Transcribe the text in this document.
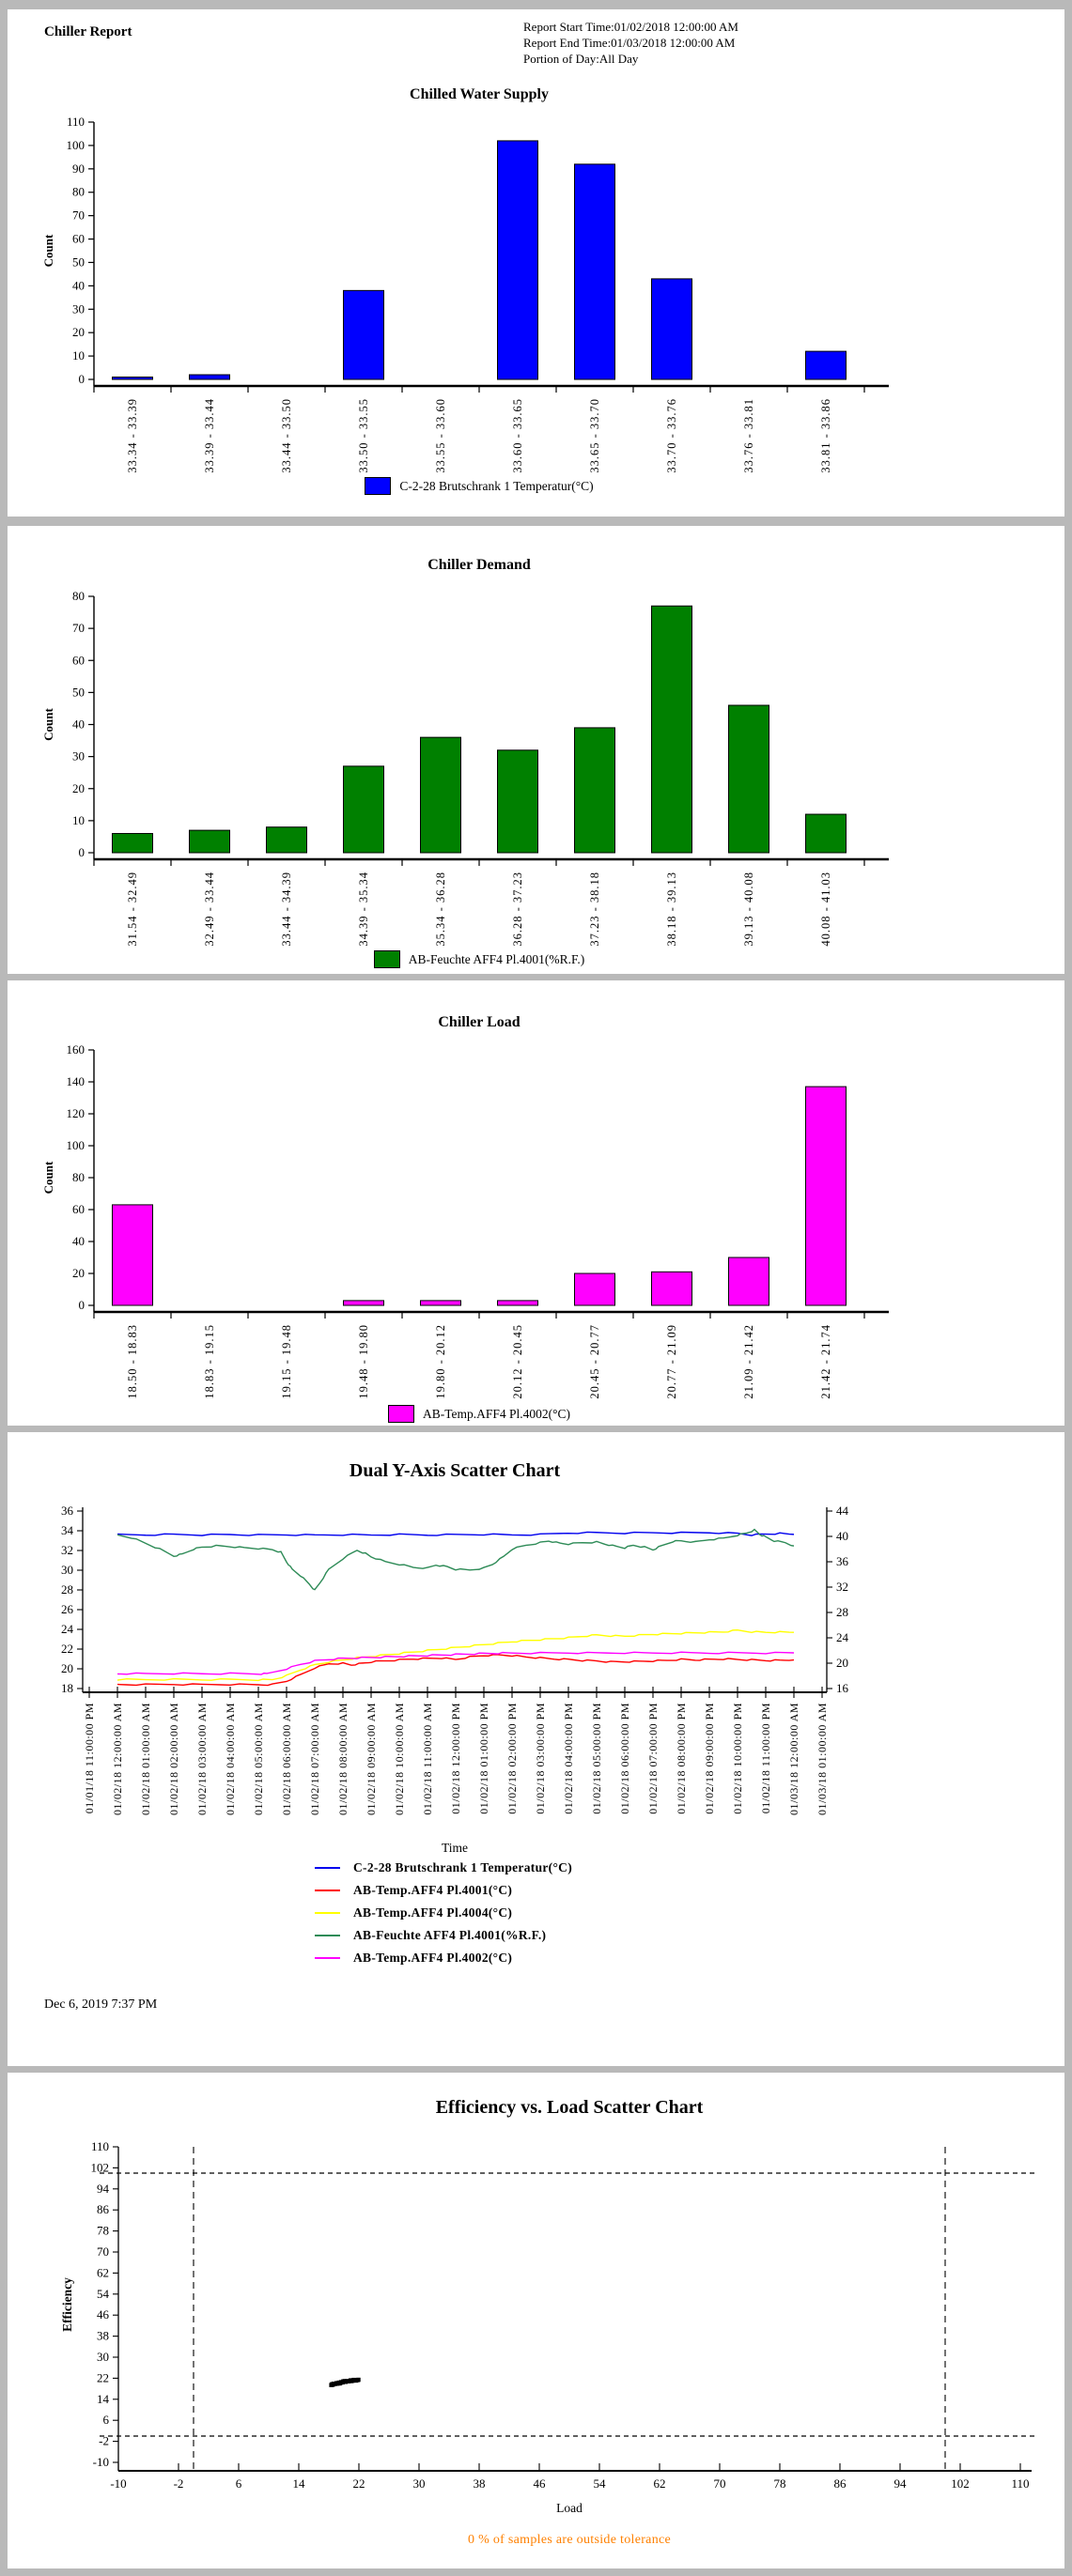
Chiller Report	Report Start Time:01/02/2018 12:00:00 AM
Report End Time:01/03/2018 12:00:00 AM
Portion of Day:All Day
Chilled Water Supply
0
10
20
30
40
50
60
70
80
90
100
110
Count
33.34 - 33.39	33.39 - 33.44	33.44 - 33.50	33.50 - 33.55	33.55 - 33.60	33.60 - 33.65	33.65 - 33.70	33.70 - 33.76	33.76 - 33.81	33.81 - 33.86
C-2-28 Brutschrank 1 Temperatur(°C)
Chiller Demand
0
10
20
30
40
50
60
70
80
Count
31.54 - 32.49	32.49 - 33.44	33.44 - 34.39	34.39 - 35.34	35.34 - 36.28	36.28 - 37.23	37.23 - 38.18	38.18 - 39.13	39.13 - 40.08	40.08 - 41.03
AB-Feuchte AFF4 Pl.4001(%R.F.)
Chiller Load
0
20
40
60
80
100
120
140
160
Count
18.50 - 18.83	18.83 - 19.15	19.15 - 19.48	19.48 - 19.80	19.80 - 20.12	20.12 - 20.45	20.45 - 20.77	20.77 - 21.09	21.09 - 21.42	21.42 - 21.74
AB-Temp.AFF4 Pl.4002(°C)
Dual Y-Axis Scatter Chart
18
20
22
24
26
28
30
32
34
36
16
20
24
28
32
36
40
44
01/01/18 11:00:00 PM 01/02/18 12:00:00 AM 01/02/18 01:00:00 AM 01/02/18 02:00:00 AM 01/02/18 03:00:00 AM 01/02/18 04:00:00 AM 01/02/18 05:00:00 AM 01/02/18 06:00:00 AM 01/02/18 07:00:00 AM 01/02/18 08:00:00 AM 01/02/18 09:00:00 AM 01/02/18 10:00:00 AM 01/02/18 11:00:00 AM 01/02/18 12:00:00 PM 01/02/18 01:00:00 PM 01/02/18 02:00:00 PM 01/02/18 03:00:00 PM 01/02/18 04:00:00 PM 01/02/18 05:00:00 PM 01/02/18 06:00:00 PM 01/02/18 07:00:00 PM 01/02/18 08:00:00 PM 01/02/18 09:00:00 PM 01/02/18 10:00:00 PM 01/02/18 11:00:00 PM 01/03/18 12:00:00 AM 01/03/18 01:00:00 AM
Time
C-2-28 Brutschrank 1 Temperatur(°C)
AB-Temp.AFF4 Pl.4001(°C)
AB-Temp.AFF4 Pl.4004(°C)
AB-Feuchte AFF4 Pl.4001(%R.F.)
AB-Temp.AFF4 Pl.4002(°C)
Dec 6, 2019 7:37 PM
Efficiency vs. Load Scatter Chart
-10	-2	6	14	22	30	38	46	54	62	70	78	86	94	102	110
-10
-2
6
14
22
30
38
46
54
62
70
78
86
94
102
110
Load
Efficiency
0 % of samples are outside tolerance
